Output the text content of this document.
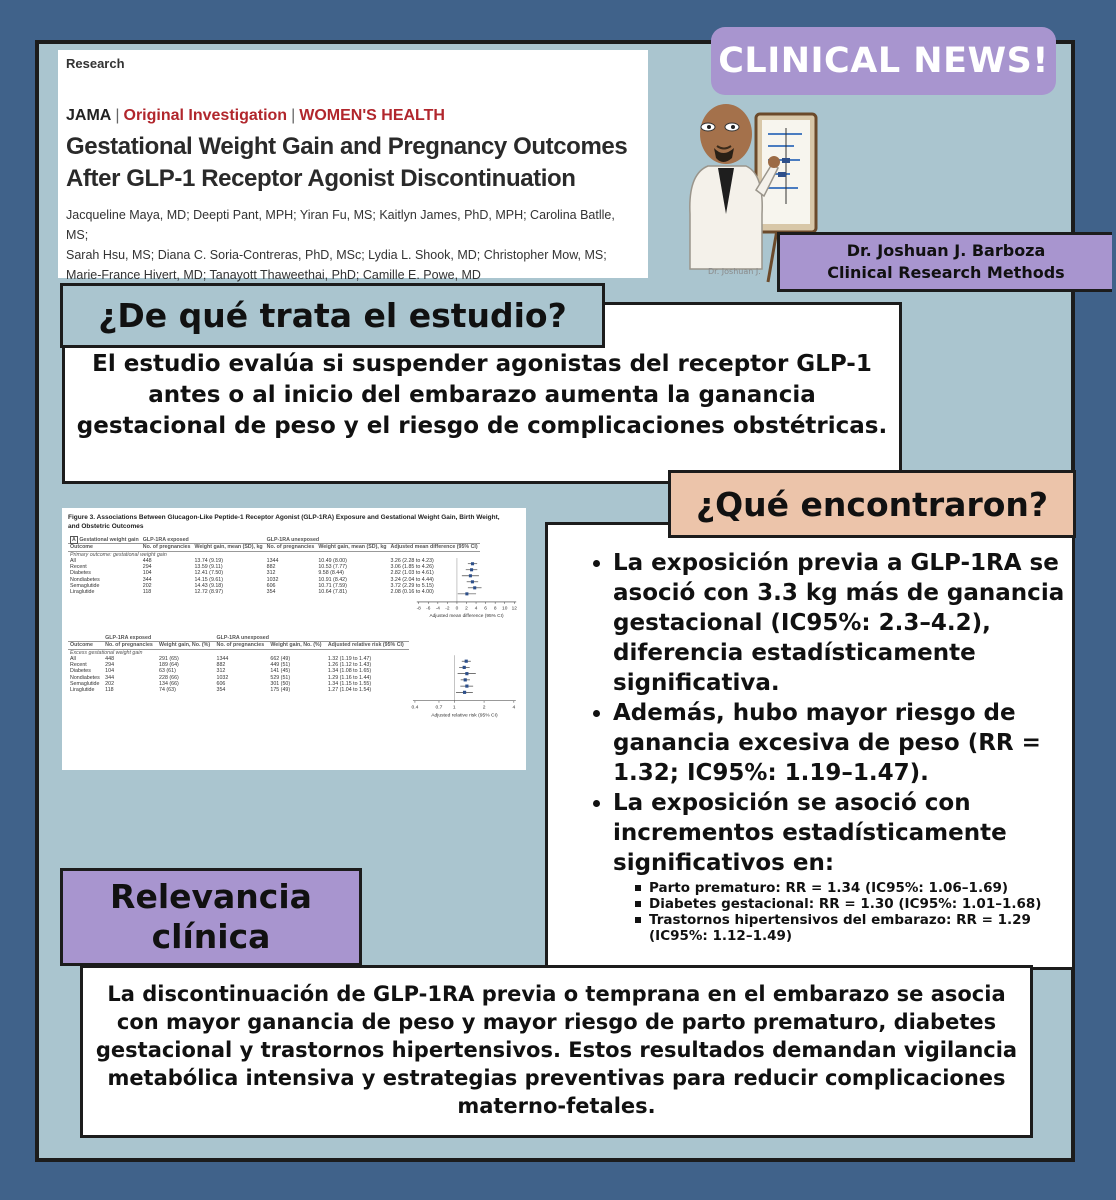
Research
JAMA | Original Investigation | WOMEN'S HEALTH
Gestational Weight Gain and Pregnancy Outcomes
After GLP-1 Receptor Agonist Discontinuation
Jacqueline Maya, MD; Deepti Pant, MPH; Yiran Fu, MS; Kaitlyn James, PhD, MPH; Carolina Batlle, MS;
Sarah Hsu, MS; Diana C. Soria-Contreras, PhD, MSc; Lydia L. Shook, MD; Christopher Mow, MS;
Marie-France Hivert, MD; Tanayott Thaweethai, PhD; Camille E. Powe, MD
CLINICAL NEWS!
Dr. Joshuan J.
Dr. Joshuan J. Barboza
Clinical Research Methods
¿De qué trata el estudio?
El estudio evalúa si suspender agonistas del receptor GLP-1
antes o al inicio del embarazo aumenta la ganancia
gestacional de peso y el riesgo de complicaciones obstétricas.
Figure 3. Associations Between Glucagon-Like Peptide-1 Receptor Agonist (GLP-1RA) Exposure and Gestational Weight Gain, Birth Weight,
and Obstetric Outcomes
A Gestational weight gain	GLP-1RA exposed		GLP-1RA unexposed		
Outcome	No. of pregnancies	Weight gain, mean (SD), kg	No. of pregnancies	Weight gain, mean (SD), kg	Adjusted mean difference (95% CI)
Primary outcome: gestational weight gain					
All	448	13.74 (9.19)	1344	10.49 (8.00)	3.26 (2.28 to 4.23)
Recent	294	13.59 (9.11)	882	10.53 (7.77)	3.06 (1.85 to 4.26)
Diabetes	104	12.41 (7.50)	312	9.58 (8.44)	2.82 (1.03 to 4.61)
Nondiabetes	344	14.15 (9.61)	1032	10.91 (8.42)	3.24 (2.04 to 4.44)
Semaglutide	202	14.43 (9.18)	606	10.71 (7.59)	3.72 (2.29 to 5.15)
Liraglutide	118	12.72 (8.97)	354	10.64 (7.81)	2.08 (0.16 to 4.00)
-8 -6 -4 -2 0 2 4 6 8 10 12
Adjusted mean difference (95% CI)
	GLP-1RA exposed		GLP-1RA unexposed		
Outcome	No. of pregnancies	Weight gain, No. (%)	No. of pregnancies	Weight gain, No. (%)	Adjusted relative risk (95% CI)
Excess gestational weight gain					
All	448	291 (65)	1344	662 (49)	1.32 (1.19 to 1.47)
Recent	294	189 (64)	882	449 (51)	1.26 (1.12 to 1.43)
Diabetes	104	63 (61)	312	141 (45)	1.34 (1.08 to 1.65)
Nondiabetes	344	228 (66)	1032	529 (51)	1.29 (1.16 to 1.44)
Semaglutide	202	134 (66)	606	301 (50)	1.34 (1.15 to 1.55)
Liraglutide	118	74 (63)	354	175 (49)	1.27 (1.04 to 1.54)
0.4	0.7 1	2	4
Adjusted relative risk (95% CI)
¿Qué encontraron?
• La exposición previa a GLP-1RA se
asoció con 3.3 kg más de ganancia
gestacional (IC95%: 2.3–4.2),
diferencia estadísticamente
significativa.
• Además, hubo mayor riesgo de
ganancia excesiva de peso (RR =
1.32; IC95%: 1.19–1.47).
• La exposición se asoció con
incrementos estadísticamente
significativos en:
Parto prematuro: RR = 1.34 (IC95%: 1.06–1.69)
Diabetes gestacional: RR = 1.30 (IC95%: 1.01–1.68)
Trastornos hipertensivos del embarazo: RR = 1.29
(IC95%: 1.12–1.49)
Relevancia
clínica
La discontinuación de GLP-1RA previa o temprana en el embarazo se asocia
con mayor ganancia de peso y mayor riesgo de parto prematuro, diabetes
gestacional y trastornos hipertensivos. Estos resultados demandan vigilancia
metabólica intensiva y estrategias preventivas para reducir complicaciones
materno-fetales.
